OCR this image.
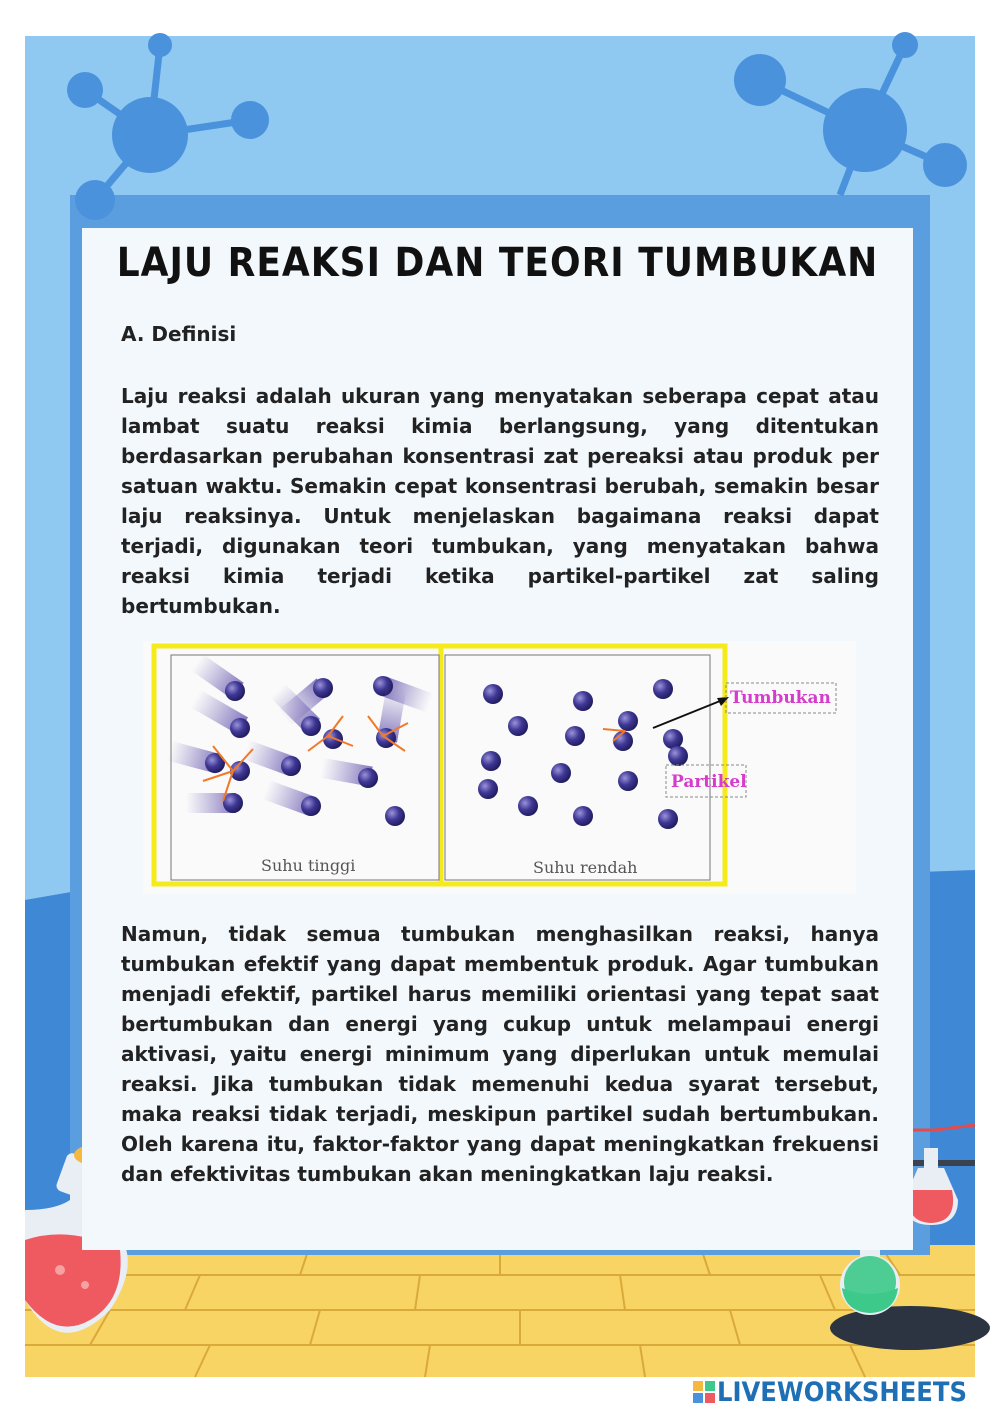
LAJU REAKSI DAN TEORI TUMBUKAN
A. Definisi

Laju reaksi adalah ukuran yang menyatakan seberapa cepat atau lambat suatu reaksi kimia berlangsung, yang ditentukan berdasarkan perubahan konsentrasi zat pereaksi atau produk per satuan waktu. Semakin cepat konsentrasi berubah, semakin besar laju reaksinya. Untuk menjelaskan bagaimana reaksi dapat terjadi, digunakan teori tumbukan, yang menyatakan bahwa reaksi kimia terjadi ketika partikel-partikel zat saling bertumbukan.

Tumbukan
Partikel
Suhu tinggi	Suhu rendah

Namun, tidak semua tumbukan menghasilkan reaksi, hanya tumbukan efektif yang dapat membentuk produk. Agar tumbukan menjadi efektif, partikel harus memiliki orientasi yang tepat saat bertumbukan dan energi yang cukup untuk melampaui energi aktivasi, yaitu energi minimum yang diperlukan untuk memulai reaksi. Jika tumbukan tidak memenuhi kedua syarat tersebut, maka reaksi tidak terjadi, meskipun partikel sudah bertumbukan. Oleh karena itu, faktor-faktor yang dapat meningkatkan frekuensi dan efektivitas tumbukan akan meningkatkan laju reaksi.

LIVEWORKSHEETS
